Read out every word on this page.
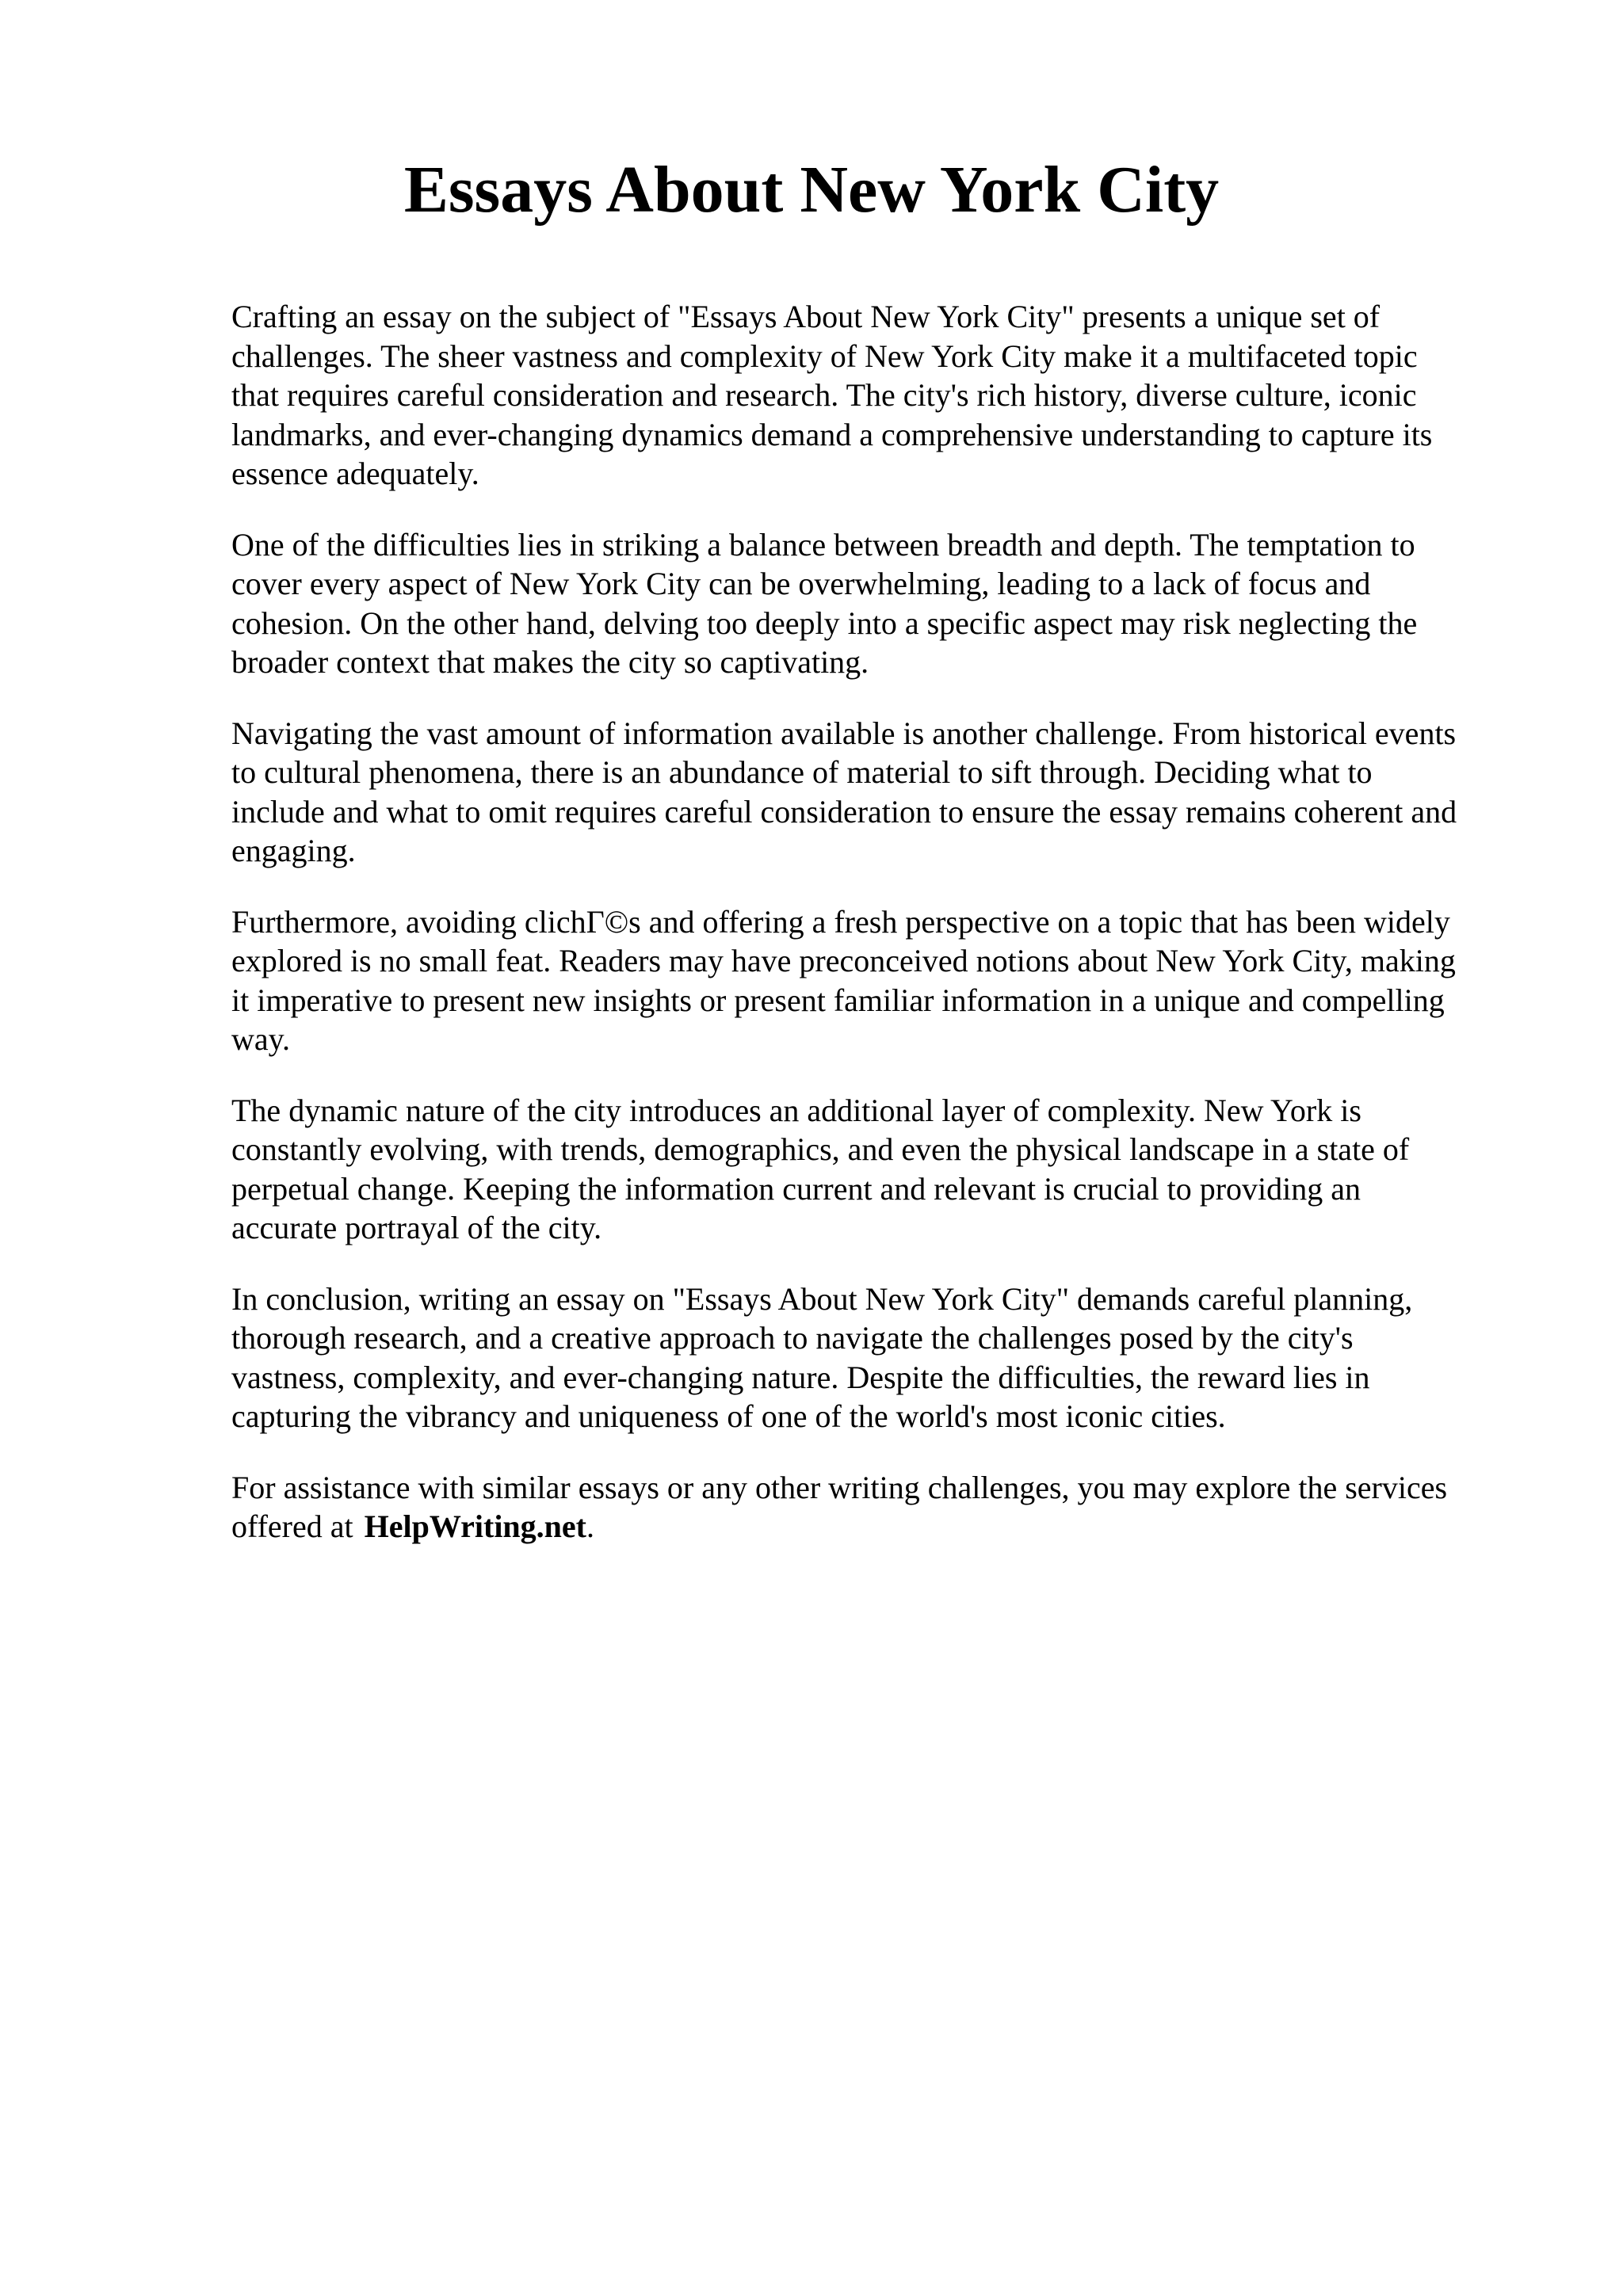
Essays About New York City

Crafting an essay on the subject of "Essays About New York City" presents a unique set of
challenges. The sheer vastness and complexity of New York City make it a multifaceted topic
that requires careful consideration and research. The city's rich history, diverse culture, iconic
landmarks, and ever-changing dynamics demand a comprehensive understanding to capture its
essence adequately.

One of the difficulties lies in striking a balance between breadth and depth. The temptation to
cover every aspect of New York City can be overwhelming, leading to a lack of focus and
cohesion. On the other hand, delving too deeply into a specific aspect may risk neglecting the
broader context that makes the city so captivating.

Navigating the vast amount of information available is another challenge. From historical events
to cultural phenomena, there is an abundance of material to sift through. Deciding what to
include and what to omit requires careful consideration to ensure the essay remains coherent and
engaging.

Furthermore, avoiding clichΓ©s and offering a fresh perspective on a topic that has been widely
explored is no small feat. Readers may have preconceived notions about New York City, making
it imperative to present new insights or present familiar information in a unique and compelling
way.

The dynamic nature of the city introduces an additional layer of complexity. New York is
constantly evolving, with trends, demographics, and even the physical landscape in a state of
perpetual change. Keeping the information current and relevant is crucial to providing an
accurate portrayal of the city.

In conclusion, writing an essay on "Essays About New York City" demands careful planning,
thorough research, and a creative approach to navigate the challenges posed by the city's
vastness, complexity, and ever-changing nature. Despite the difficulties, the reward lies in
capturing the vibrancy and uniqueness of one of the world's most iconic cities.

For assistance with similar essays or any other writing challenges, you may explore the services
offered at HelpWriting.net.
